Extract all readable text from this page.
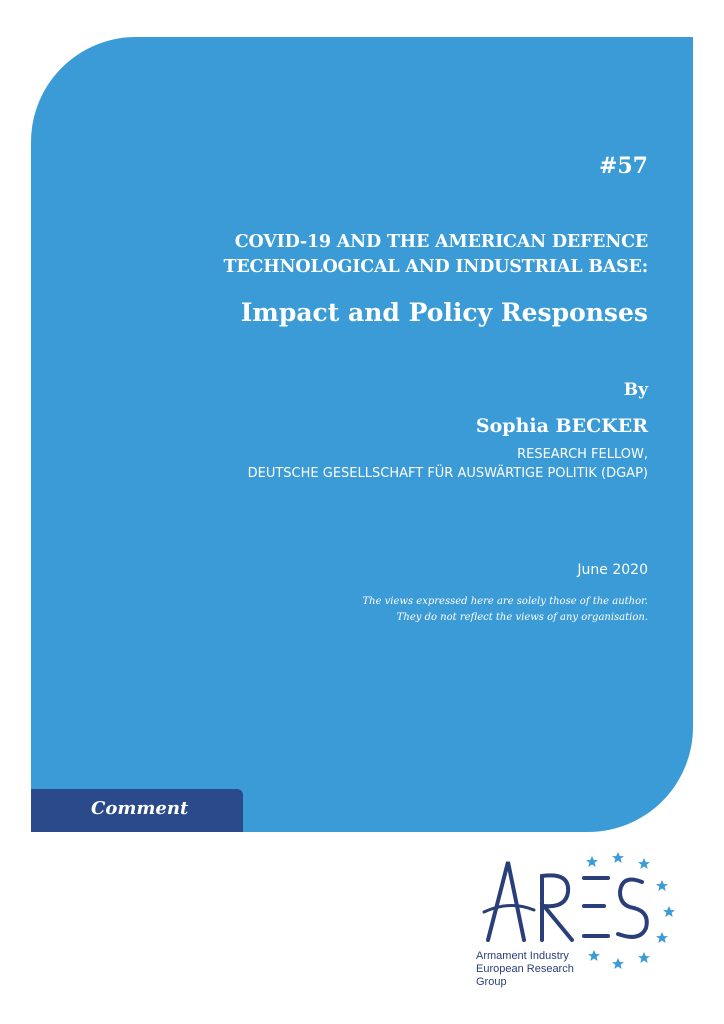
#57
COVID-19 AND THE AMERICAN DEFENCE
TECHNOLOGICAL AND INDUSTRIAL BASE:
Impact and Policy Responses
By
Sophia BECKER
RESEARCH FELLOW,
DEUTSCHE GESELLSCHAFT FÜR AUSWÄRTIGE POLITIK (DGAP)
June 2020
The views expressed here are solely those of the author.
They do not reflect the views of any organisation.
Comment
Armament Industry
European Research
Group
